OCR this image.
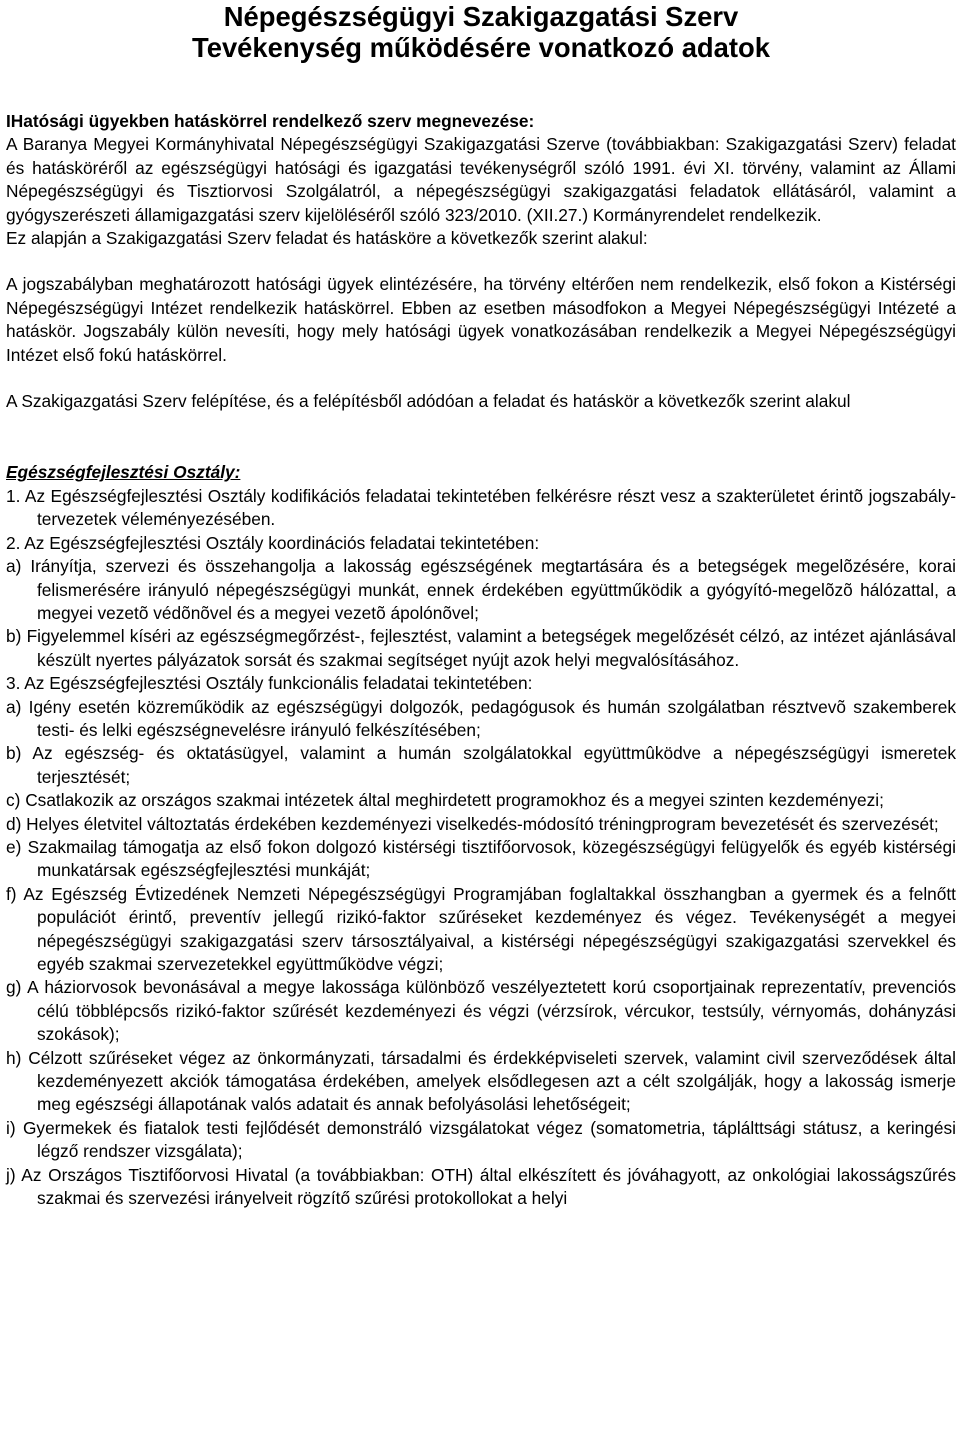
Népegészségügyi Szakigazgatási Szerv
Tevékenység működésére vonatkozó adatok

IHatósági ügyekben hatáskörrel rendelkező szerv megnevezése:

A Baranya Megyei Kormányhivatal Népegészségügyi Szakigazgatási Szerve (továbbiakban: Szakigazgatási Szerv) feladat és hatásköréről az egészségügyi hatósági és igazgatási tevékenységről szóló 1991. évi XI. törvény, valamint az Állami Népegészségügyi és Tisztiorvosi Szolgálatról, a népegészségügyi szakigazgatási feladatok ellátásáról, valamint a gyógyszerészeti államigazgatási szerv kijelöléséről szóló 323/2010. (XII.27.) Kormányrendelet rendelkezik.

Ez alapján a Szakigazgatási Szerv feladat és hatásköre a következők szerint alakul:

A jogszabályban meghatározott hatósági ügyek elintézésére, ha törvény eltérően nem rendelkezik, első fokon a Kistérségi Népegészségügyi Intézet rendelkezik hatáskörrel. Ebben az esetben másodfokon a Megyei Népegészségügyi Intézeté a hatáskör. Jogszabály külön nevesíti, hogy mely hatósági ügyek vonatkozásában rendelkezik a Megyei Népegészségügyi Intézet első fokú hatáskörrel.

A Szakigazgatási Szerv felépítése, és a felépítésből adódóan a feladat és hatáskör a következők szerint alakul

Egészségfejlesztési Osztály:

1. Az Egészségfejlesztési Osztály kodifikációs feladatai tekintetében felkérésre részt vesz a szakterületet érintõ jogszabály-tervezetek véleményezésében.

2. Az Egészségfejlesztési Osztály koordinációs feladatai tekintetében:

a) Irányítja, szervezi és összehangolja a lakosság egészségének megtartására és a betegségek megelõzésére, korai felismerésére irányuló népegészségügyi munkát, ennek érdekében együttműködik a gyógyító-megelõzõ hálózattal, a megyei vezetõ védõnõvel és a megyei vezetõ ápolónõvel;

b) Figyelemmel kíséri az egészségmegőrzést-, fejlesztést, valamint a betegségek megelőzését célzó, az intézet ajánlásával készült nyertes pályázatok sorsát és szakmai segítséget nyújt azok helyi megvalósításához.

3. Az Egészségfejlesztési Osztály funkcionális feladatai tekintetében:

a) Igény esetén közreműködik az egészségügyi dolgozók, pedagógusok és humán szolgálatban résztvevõ szakemberek testi- és lelki egészségnevelésre irányuló felkészítésében;

b) Az egészség- és oktatásügyel, valamint a humán szolgálatokkal együttmûködve a népegészségügyi ismeretek terjesztését;

c) Csatlakozik az országos szakmai intézetek által meghirdetett programokhoz és a megyei szinten kezdeményezi;

d) Helyes életvitel változtatás érdekében kezdeményezi viselkedés-módosító tréningprogram bevezetését és szervezését;

e) Szakmailag támogatja az első fokon dolgozó kistérségi tisztifőorvosok, közegészségügyi felügyelők és egyéb kistérségi munkatársak egészségfejlesztési munkáját;

f) Az Egészség Évtizedének Nemzeti Népegészségügyi Programjában foglaltakkal összhangban a gyermek és a felnőtt populációt érintő, preventív jellegű rizikó-faktor szűréseket kezdeményez és végez. Tevékenységét a megyei népegészségügyi szakigazgatási szerv társosztályaival, a kistérségi népegészségügyi szakigazgatási szervekkel és egyéb szakmai szervezetekkel együttműködve végzi;

g) A háziorvosok bevonásával a megye lakossága különböző veszélyeztetett korú csoportjainak reprezentatív, prevenciós célú többlépcsős rizikó-faktor szűrését kezdeményezi és végzi (vérzsírok, vércukor, testsúly, vérnyomás, dohányzási szokások);

h) Célzott szűréseket végez az önkormányzati, társadalmi és érdekképviseleti szervek, valamint civil szerveződések által kezdeményezett akciók támogatása érdekében, amelyek elsődlegesen azt a célt szolgálják, hogy a lakosság ismerje meg egészségi állapotának valós adatait és annak befolyásolási lehetőségeit;

i) Gyermekek és fiatalok testi fejlődését demonstráló vizsgálatokat végez (somatometria, táplálttsági státusz, a keringési légző rendszer vizsgálata);

j) Az Országos Tisztifőorvosi Hivatal (a továbbiakban: OTH) által elkészített és jóváhagyott, az onkológiai lakosságszűrés szakmai és szervezési irányelveit rögzítő szűrési protokollokat a helyi
